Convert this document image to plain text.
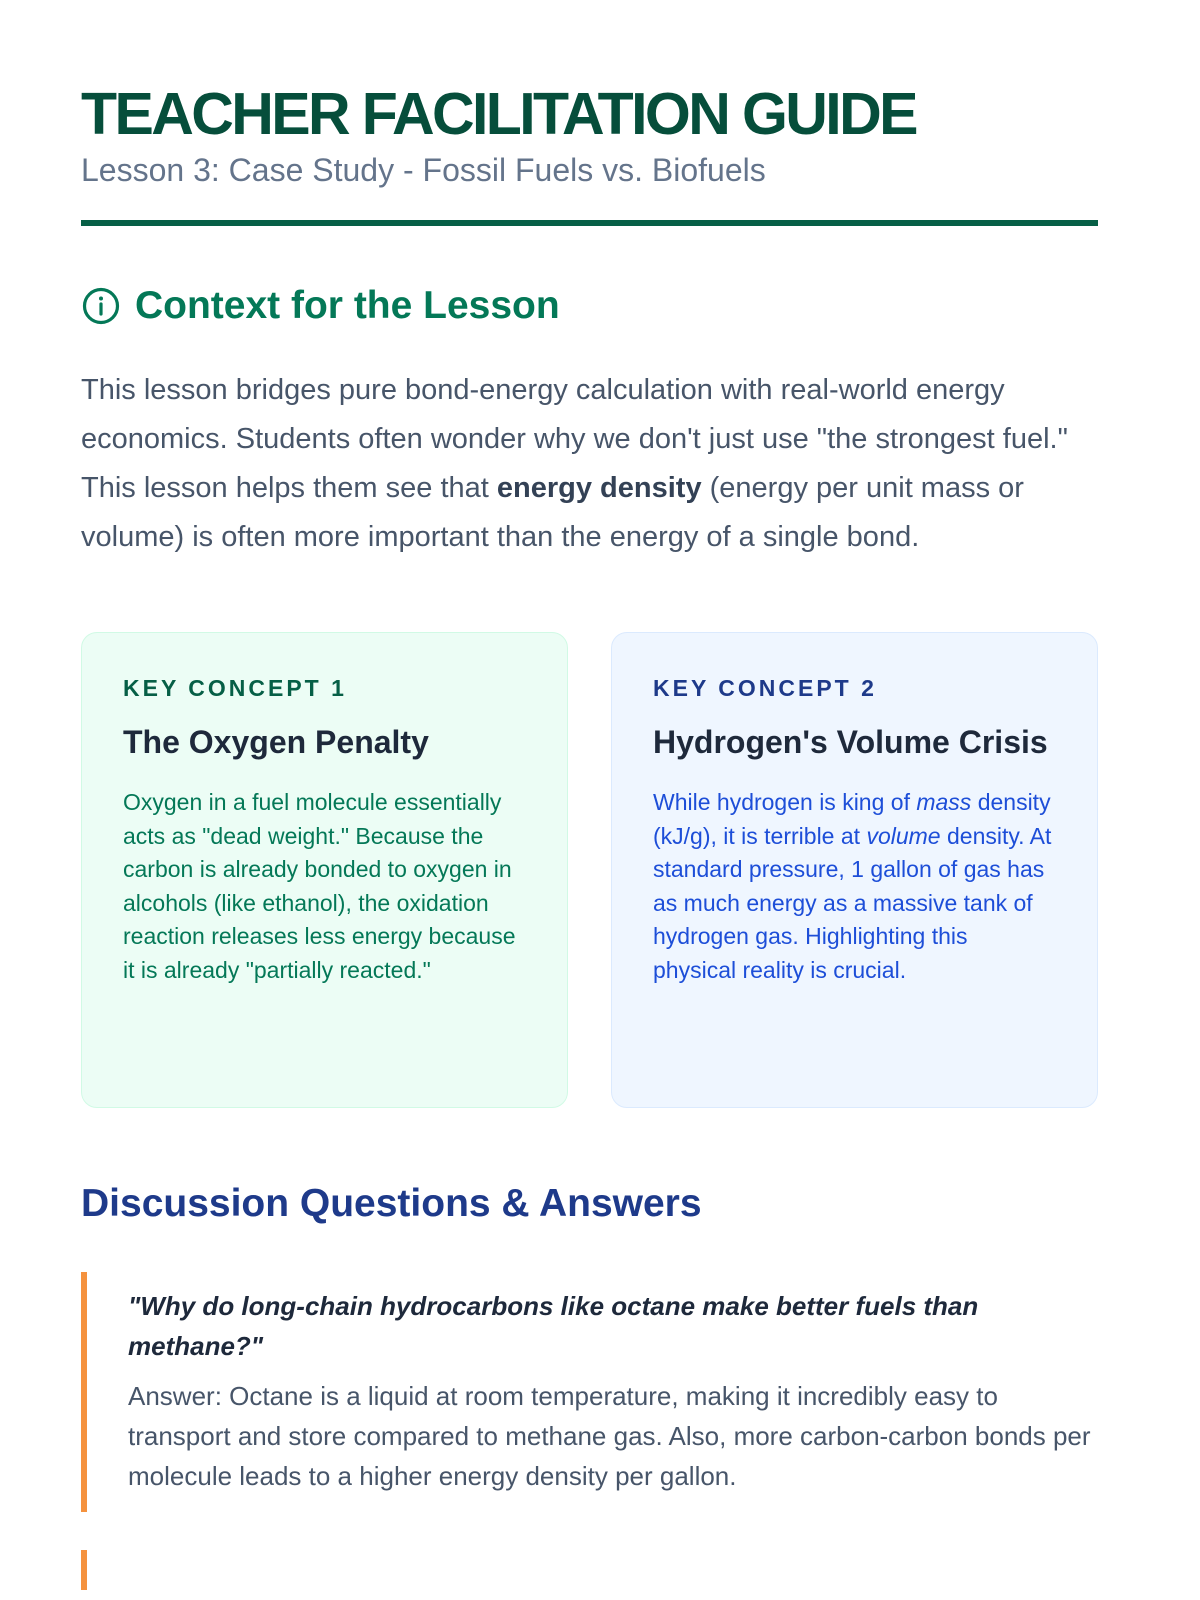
TEACHER FACILITATION GUIDE

Lesson 3: Case Study - Fossil Fuels vs. Biofuels

Context for the Lesson

This lesson bridges pure bond-energy calculation with real-world energy economics. Students often wonder why we don't just use "the strongest fuel." This lesson helps them see that energy density (energy per unit mass or volume) is often more important than the energy of a single bond.

KEY CONCEPT 1
The Oxygen Penalty

Oxygen in a fuel molecule essentially acts as "dead weight." Because the carbon is already bonded to oxygen in alcohols (like ethanol), the oxidation reaction releases less energy because it is already "partially reacted."

KEY CONCEPT 2
Hydrogen's Volume Crisis

While hydrogen is king of mass density (kJ/g), it is terrible at volume density. At standard pressure, 1 gallon of gas has as much energy as a massive tank of hydrogen gas. Highlighting this physical reality is crucial.

Discussion Questions & Answers

"Why do long-chain hydrocarbons like octane make better fuels than methane?"

Answer: Octane is a liquid at room temperature, making it incredibly easy to transport and store compared to methane gas. Also, more carbon-carbon bonds per molecule leads to a higher energy density per gallon.
